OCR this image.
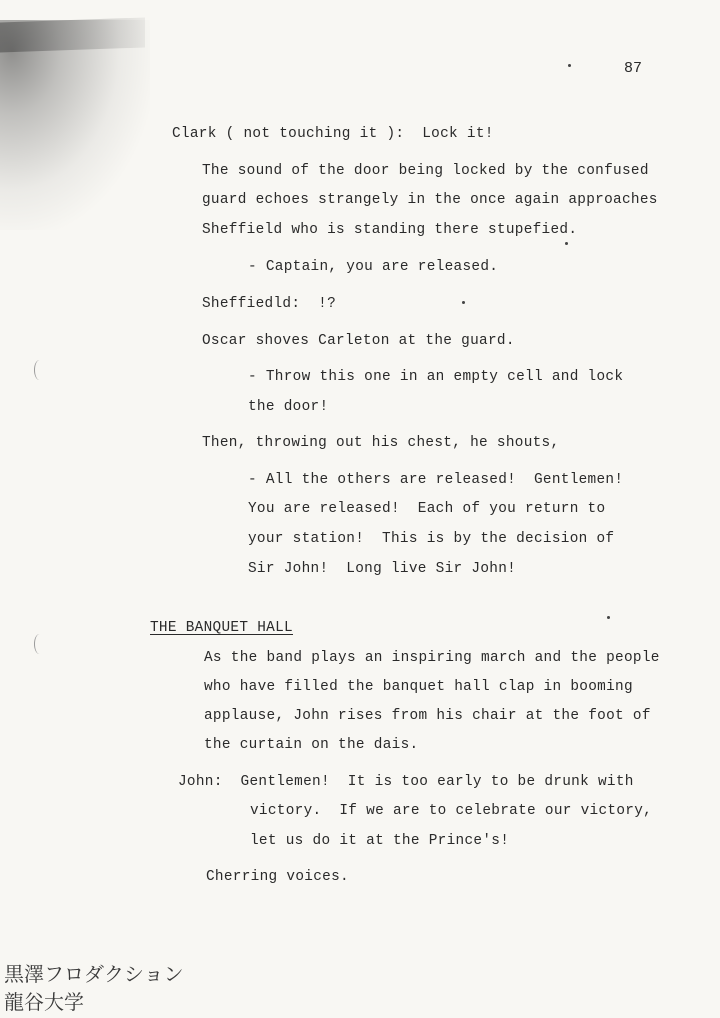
87
Clark ( not touching it ):  Lock it!
The sound of the door being locked by the confused
guard echoes strangely in the once again approaches
Sheffield who is standing there stupefied.
- Captain, you are released.
Sheffiedld:  !?
Oscar shoves Carleton at the guard.
- Throw this one in an empty cell and lock
the door!
Then, throwing out his chest, he shouts,
- All the others are released!  Gentlemen!
You are released!  Each of you return to
your station!  This is by the decision of
Sir John!  Long live Sir John!
THE BANQUET HALL
As the band plays an inspiring march and the people
who have filled the banquet hall clap in booming
applause, John rises from his chair at the foot of
the curtain on the dais.
John:  Gentlemen!  It is too early to be drunk with
victory.  If we are to celebrate our victory,
let us do it at the Prince's!
Cherring voices.
黒澤フロダクション
龍谷大学
